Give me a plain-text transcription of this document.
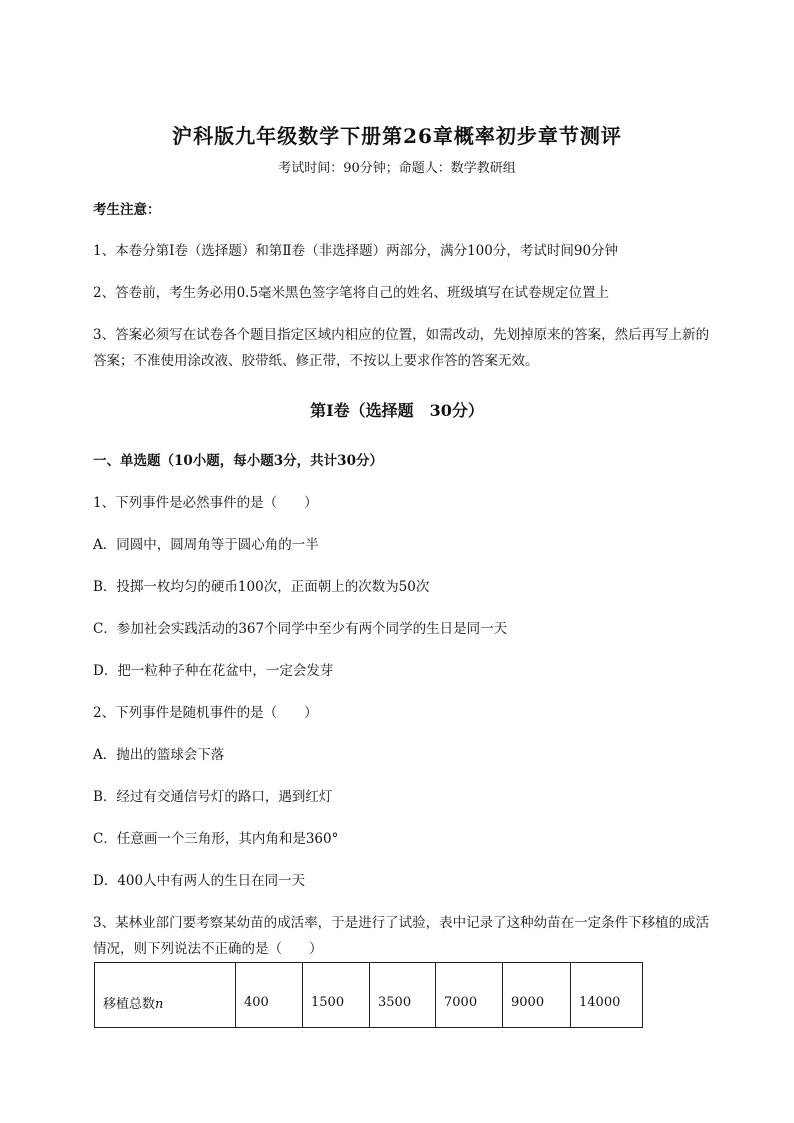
沪科版九年级数学下册第26章概率初步章节测评
考试时间：90分钟；命题人：数学教研组
考生注意：
1、本卷分第I卷（选择题）和第Ⅱ卷（非选择题）两部分，满分100分，考试时间90分钟
2、答卷前，考生务必用0.5毫米黑色签字笔将自己的姓名、班级填写在试卷规定位置上
3、答案必须写在试卷各个题目指定区域内相应的位置，如需改动，先划掉原来的答案，然后再写上新的答案；不准使用涂改液、胶带纸、修正带，不按以上要求作答的答案无效。
第I卷（选择题　30分）
一、单选题（10小题，每小题3分，共计30分）
1、下列事件是必然事件的是（　　）
A．同圆中，圆周角等于圆心角的一半
B．投掷一枚均匀的硬币100次，正面朝上的次数为50次
C．参加社会实践活动的367个同学中至少有两个同学的生日是同一天
D．把一粒种子种在花盆中，一定会发芽
2、下列事件是随机事件的是（　　）
A．抛出的篮球会下落
B．经过有交通信号灯的路口，遇到红灯
C．任意画一个三角形，其内角和是360°
D．400人中有两人的生日在同一天
3、某林业部门要考察某幼苗的成活率，于是进行了试验，表中记录了这种幼苗在一定条件下移植的成活情况，则下列说法不正确的是（　　）
移植总数n	400	1500	3500	7000	9000	14000
